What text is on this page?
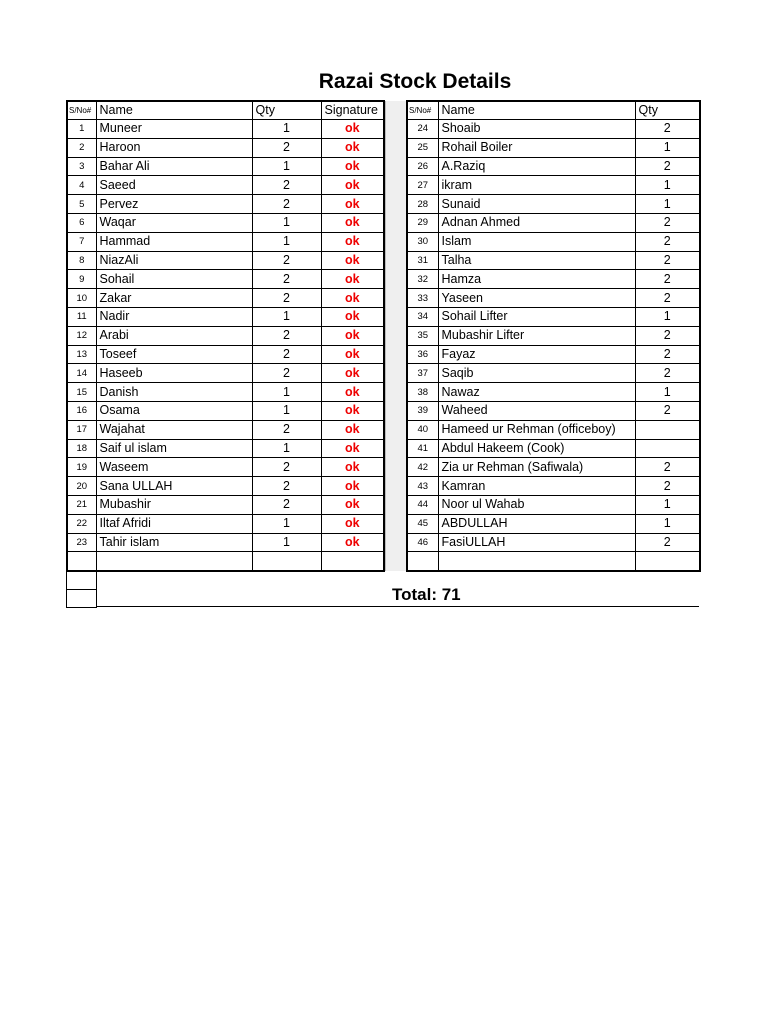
Razai Stock Details
S/No#	Name	Qty	Signature
1	Muneer	1	ok
2	Haroon	2	ok
3	Bahar Ali	1	ok
4	Saeed	2	ok
5	Pervez	2	ok
6	Waqar	1	ok
7	Hammad	1	ok
8	NiazAli	2	ok
9	Sohail	2	ok
10	Zakar	2	ok
11	Nadir	1	ok
12	Arabi	2	ok
13	Toseef	2	ok
14	Haseeb	2	ok
15	Danish	1	ok
16	Osama	1	ok
17	Wajahat	2	ok
18	Saif ul islam	1	ok
19	Waseem	2	ok
20	Sana ULLAH	2	ok
21	Mubashir	2	ok
22	Iltaf Afridi	1	ok
23	Tahir islam	1	ok

S/No#	Name	Qty
24	Shoaib	2
25	Rohail Boiler	1
26	A.Raziq	2
27	ikram	1
28	Sunaid	1
29	Adnan Ahmed	2
30	Islam	2
31	Talha	2
32	Hamza	2
33	Yaseen	2
34	Sohail Lifter	1
35	Mubashir Lifter	2
36	Fayaz	2
37	Saqib	2
38	Nawaz	1
39	Waheed	2
40	Hameed ur Rehman (officeboy)	
41	Abdul Hakeem (Cook)	
42	Zia ur Rehman (Safiwala)	2
43	Kamran	2
44	Noor ul Wahab	1
45	ABDULLAH	1
46	FasiULLAH	2

Total: 71
